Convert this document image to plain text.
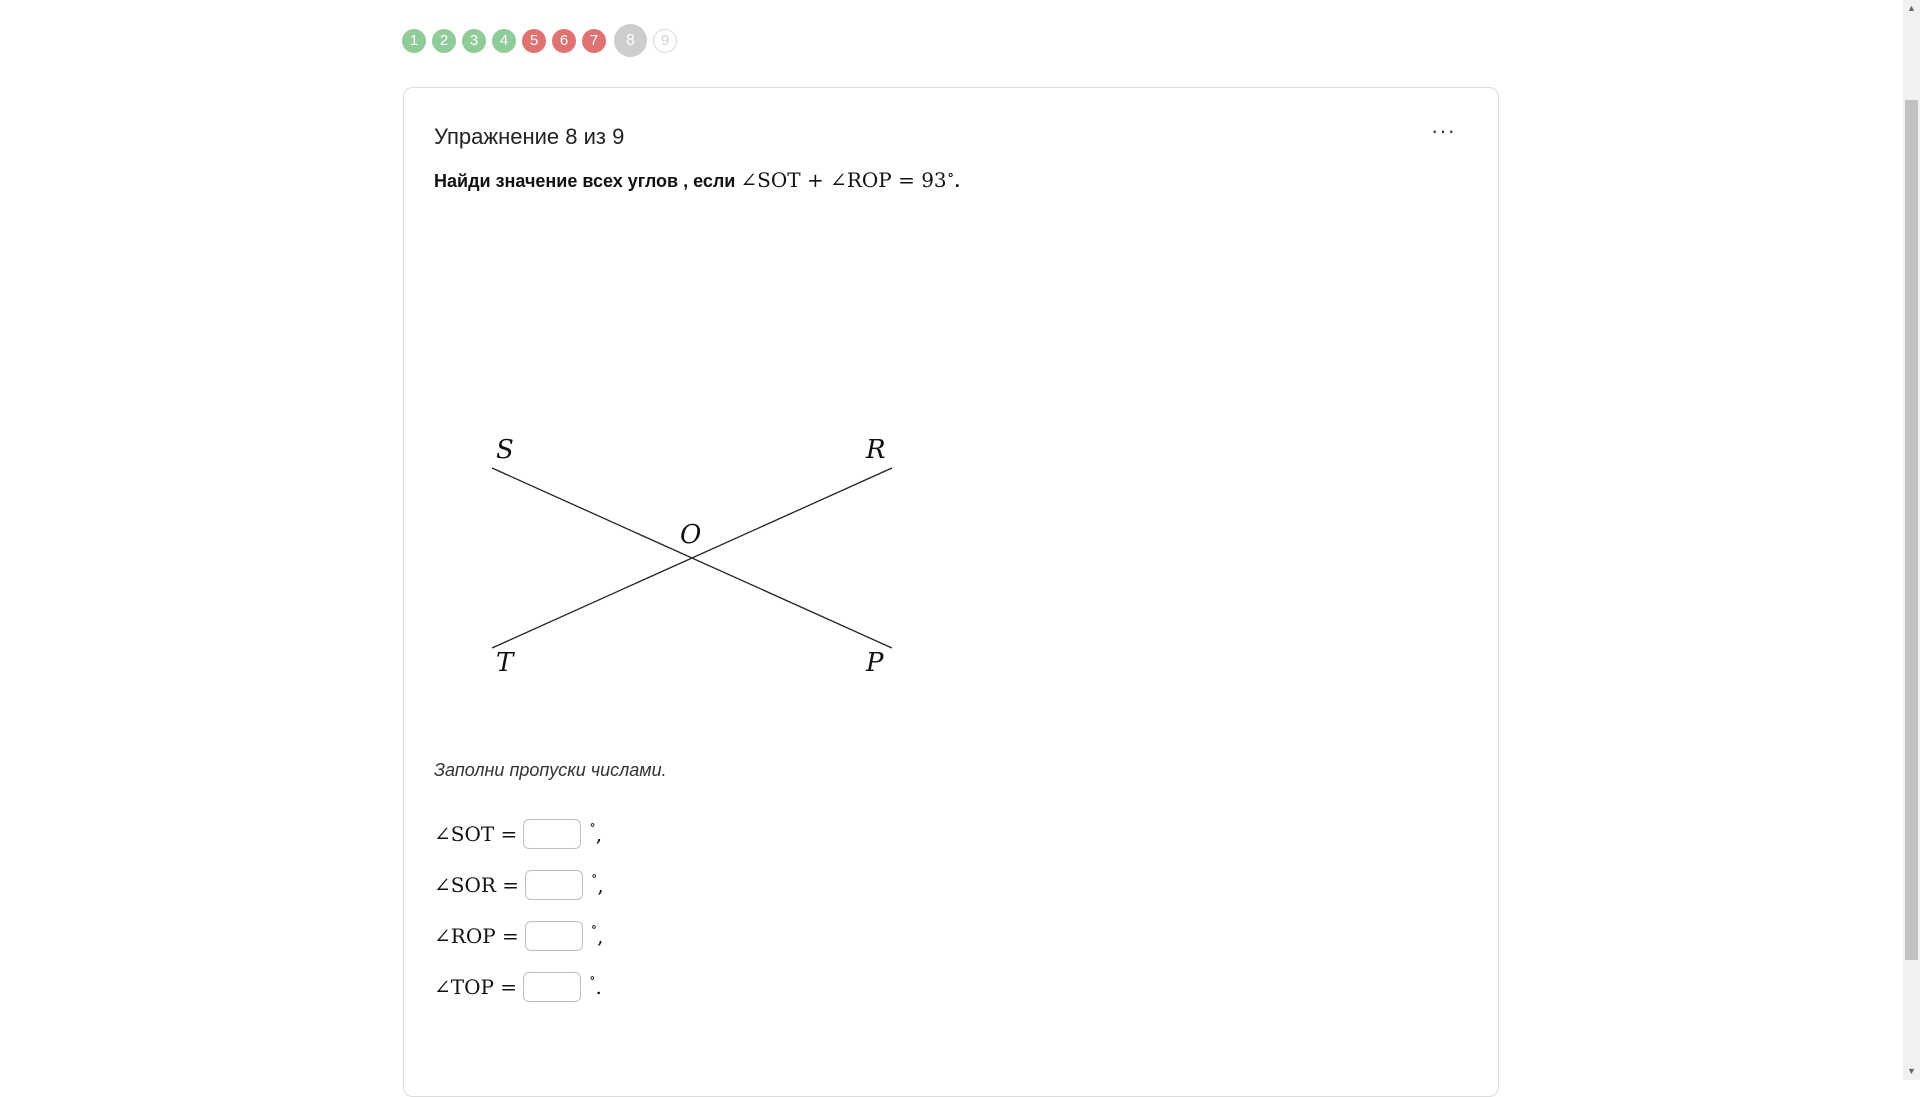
1	2	3	4	5	6	7	8	9
Упражнение 8 из 9	···
Найди значение всех углов , если ∠SOT + ∠ROP = 93∘.
S	R
O
T	P
Заполни пропуски числами.
∠SOT =	∘ ,
∠SOR =	∘ ,
∠ROP =	∘ ,
∠TOP =	∘ .
▲
▼
